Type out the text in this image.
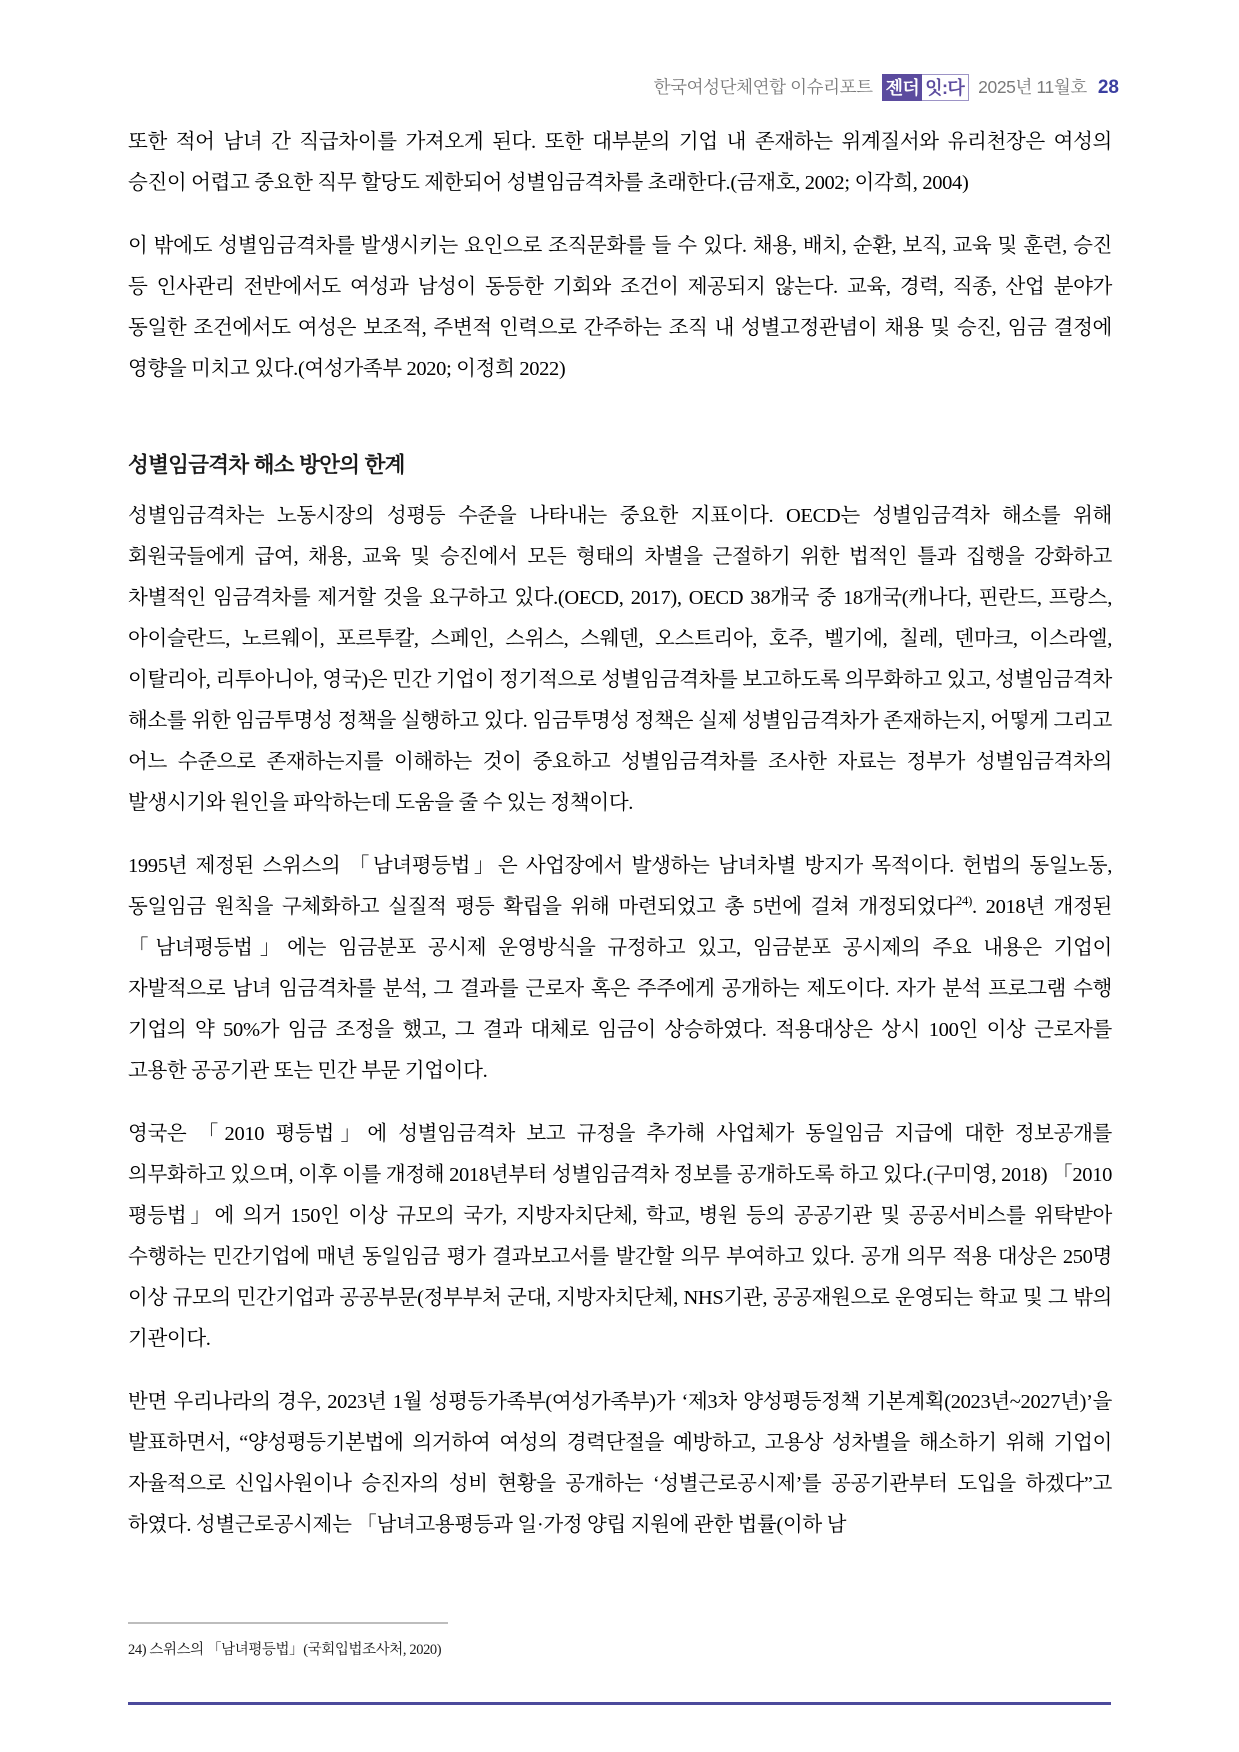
한국여성단체연합 이슈리포트 젠더 잇:다 2025년 11월호 28

또한 적어 남녀 간 직급차이를 가져오게 된다. 또한 대부분의 기업 내 존재하는 위계질서와 유리천장은 여성의 승진이 어렵고 중요한 직무 할당도 제한되어 성별임금격차를 초래한다.(금재호, 2002; 이각희, 2004)

이 밖에도 성별임금격차를 발생시키는 요인으로 조직문화를 들 수 있다. 채용, 배치, 순환, 보직, 교육 및 훈련, 승진 등 인사관리 전반에서도 여성과 남성이 동등한 기회와 조건이 제공되지 않는다. 교육, 경력, 직종, 산업 분야가 동일한 조건에서도 여성은 보조적, 주변적 인력으로 간주하는 조직 내 성별고정관념이 채용 및 승진, 임금 결정에 영향을 미치고 있다.(여성가족부 2020; 이정희 2022)

성별임금격차 해소 방안의 한계

성별임금격차는 노동시장의 성평등 수준을 나타내는 중요한 지표이다. OECD는 성별임금격차 해소를 위해 회원국들에게 급여, 채용, 교육 및 승진에서 모든 형태의 차별을 근절하기 위한 법적인 틀과 집행을 강화하고 차별적인 임금격차를 제거할 것을 요구하고 있다.(OECD, 2017), OECD 38개국 중 18개국(캐나다, 핀란드, 프랑스, 아이슬란드, 노르웨이, 포르투칼, 스페인, 스위스, 스웨덴, 오스트리아, 호주, 벨기에, 칠레, 덴마크, 이스라엘, 이탈리아, 리투아니아, 영국)은 민간 기업이 정기적으로 성별임금격차를 보고하도록 의무화하고 있고, 성별임금격차 해소를 위한 임금투명성 정책을 실행하고 있다. 임금투명성 정책은 실제 성별임금격차가 존재하는지, 어떻게 그리고 어느 수준으로 존재하는지를 이해하는 것이 중요하고 성별임금격차를 조사한 자료는 정부가 성별임금격차의 발생시기와 원인을 파악하는데 도움을 줄 수 있는 정책이다.

1995년 제정된 스위스의 「남녀평등법」은 사업장에서 발생하는 남녀차별 방지가 목적이다. 헌법의 동일노동, 동일임금 원칙을 구체화하고 실질적 평등 확립을 위해 마련되었고 총 5번에 걸쳐 개정되었다$^{24)}$. 2018년 개정된 「남녀평등법」에는 임금분포 공시제 운영방식을 규정하고 있고, 임금분포 공시제의 주요 내용은 기업이 자발적으로 남녀 임금격차를 분석, 그 결과를 근로자 혹은 주주에게 공개하는 제도이다. 자가 분석 프로그램 수행 기업의 약 50%가 임금 조정을 했고, 그 결과 대체로 임금이 상승하였다. 적용대상은 상시 100인 이상 근로자를 고용한 공공기관 또는 민간 부문 기업이다.

영국은 「2010 평등법」에 성별임금격차 보고 규정을 추가해 사업체가 동일임금 지급에 대한 정보공개를 의무화하고 있으며, 이후 이를 개정해 2018년부터 성별임금격차 정보를 공개하도록 하고 있다.(구미영, 2018) 「2010 평등법」에 의거 150인 이상 규모의 국가, 지방자치단체, 학교, 병원 등의 공공기관 및 공공서비스를 위탁받아 수행하는 민간기업에 매년 동일임금 평가 결과보고서를 발간할 의무 부여하고 있다. 공개 의무 적용 대상은 250명 이상 규모의 민간기업과 공공부문(정부부처 군대, 지방자치단체, NHS기관, 공공재원으로 운영되는 학교 및 그 밖의 기관이다.

반면 우리나라의 경우, 2023년 1월 성평등가족부(여성가족부)가 ‘제3차 양성평등정책 기본계획(2023년~2027년)’을 발표하면서, “양성평등기본법에 의거하여 여성의 경력단절을 예방하고, 고용상 성차별을 해소하기 위해 기업이 자율적으로 신입사원이나 승진자의 성비 현황을 공개하는 ‘성별근로공시제’를 공공기관부터 도입을 하겠다”고 하였다. 성별근로공시제는 「남녀고용평등과 일·가정 양립 지원에 관한 법률(이하 남

24) 스위스의 「남녀평등법」(국회입법조사처, 2020)
